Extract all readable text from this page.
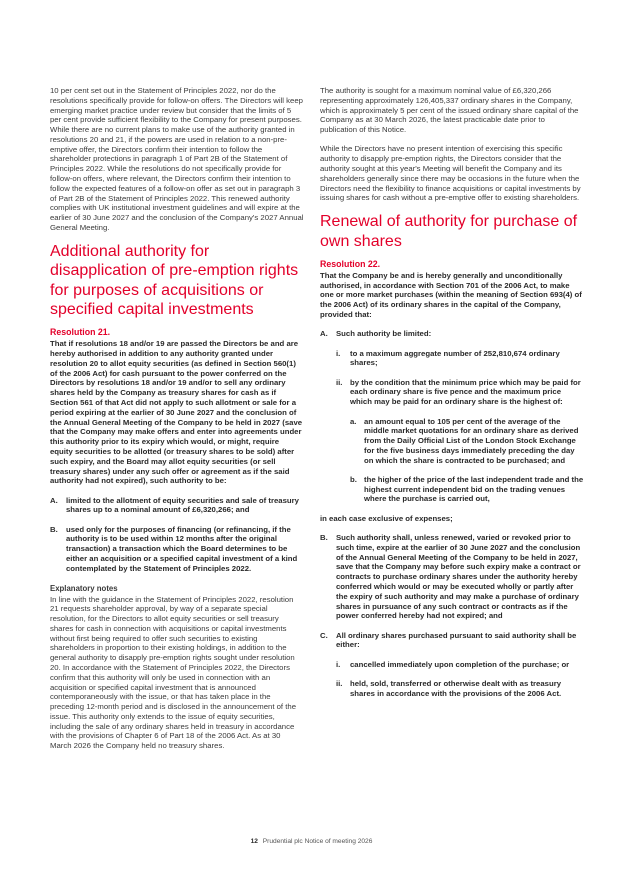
10 per cent set out in the Statement of Principles 2022, nor do the resolutions specifically provide for follow-on offers. The Directors will keep emerging market practice under review but consider that the limits of 5 per cent provide sufficient flexibility to the Company for present purposes. While there are no current plans to make use of the authority granted in resolutions 20 and 21, if the powers are used in relation to a non-pre-emptive offer, the Directors confirm their intention to follow the shareholder protections in paragraph 1 of Part 2B of the Statement of Principles 2022. While the resolutions do not specifically provide for follow-on offers, where relevant, the Directors confirm their intention to follow the expected features of a follow-on offer as set out in paragraph 3 of Part 2B of the Statement of Principles 2022. This renewed authority complies with UK institutional investment guidelines and will expire at the earlier of 30 June 2027 and the conclusion of the Company's 2027 Annual General Meeting.

Additional authority for disapplication of pre-emption rights for purposes of acquisitions or specified capital investments
Resolution 21.

That if resolutions 18 and/or 19 are passed the Directors be and are hereby authorised in addition to any authority granted under resolution 20 to allot equity securities (as defined in Section 560(1) of the 2006 Act) for cash pursuant to the power conferred on the Directors by resolutions 18 and/or 19 and/or to sell any ordinary shares held by the Company as treasury shares for cash as if Section 561 of that Act did not apply to such allotment or sale for a period expiring at the earlier of 30 June 2027 and the conclusion of the Annual General Meeting of the Company to be held in 2027 (save that the Company may make offers and enter into agreements under this authority prior to its expiry which would, or might, require equity securities to be allotted (or treasury shares to be sold) after such expiry, and the Board may allot equity securities (or sell treasury shares) under any such offer or agreement as if the said authority had not expired), such authority to be:

A.	limited to the allotment of equity securities and sale of treasury shares up to a nominal amount of £6,320,266; and
B.	used only for the purposes of financing (or refinancing, if the authority is to be used within 12 months after the original transaction) a transaction which the Board determines to be either an acquisition or a specified capital investment of a kind contemplated by the Statement of Principles 2022.
Explanatory notes

In line with the guidance in the Statement of Principles 2022, resolution 21 requests shareholder approval, by way of a separate special resolution, for the Directors to allot equity securities or sell treasury shares for cash in connection with acquisitions or capital investments without first being required to offer such securities to existing shareholders in proportion to their existing holdings, in addition to the general authority to disapply pre-emption rights sought under resolution 20. In accordance with the Statement of Principles 2022, the Directors confirm that this authority will only be used in connection with an acquisition or specified capital investment that is announced contemporaneously with the issue, or that has taken place in the preceding 12-month period and is disclosed in the announcement of the issue. This authority only extends to the issue of equity securities, including the sale of any ordinary shares held in treasury in accordance with the provisions of Chapter 6 of Part 18 of the 2006 Act. As at 30 March 2026 the Company held no treasury shares.

The authority is sought for a maximum nominal value of £6,320,266 representing approximately 126,405,337 ordinary shares in the Company, which is approximately 5 per cent of the issued ordinary share capital of the Company as at 30 March 2026, the latest practicable date prior to publication of this Notice.

While the Directors have no present intention of exercising this specific authority to disapply pre-emption rights, the Directors consider that the authority sought at this year's Meeting will benefit the Company and its shareholders generally since there may be occasions in the future when the Directors need the flexibility to finance acquisitions or capital investments by issuing shares for cash without a pre-emptive offer to existing shareholders.

Renewal of authority for purchase of own shares
Resolution 22.

That the Company be and is hereby generally and unconditionally authorised, in accordance with Section 701 of the 2006 Act, to make one or more market purchases (within the meaning of Section 693(4) of the 2006 Act) of its ordinary shares in the capital of the Company, provided that:

A.	Such authority be limited:
i.	to a maximum aggregate number of 252,810,674 ordinary shares;
ii. by the condition that the minimum price which may be paid for each ordinary share is five pence and the maximum price which may be paid for an ordinary share is the highest of:
a. an amount equal to 105 per cent of the average of the middle market quotations for an ordinary share as derived from the Daily Official List of the London Stock Exchange for the five business days immediately preceding the day on which the share is contracted to be purchased; and
b. the higher of the price of the last independent trade and the highest current independent bid on the trading venues where the purchase is carried out,

in each case exclusive of expenses;

B.	Such authority shall, unless renewed, varied or revoked prior to such time, expire at the earlier of 30 June 2027 and the conclusion of the Annual General Meeting of the Company to be held in 2027, save that the Company may before such expiry make a contract or contracts to purchase ordinary shares under the authority hereby conferred which would or may be executed wholly or partly after the expiry of such authority and may make a purchase of ordinary shares in pursuance of any such contract or contracts as if the power conferred hereby had not expired; and
C.	All ordinary shares purchased pursuant to said authority shall be either:
i.	cancelled immediately upon completion of the purchase; or
ii. held, sold, transferred or otherwise dealt with as treasury shares in accordance with the provisions of the 2006 Act.
12 Prudential plc Notice of meeting 2026
